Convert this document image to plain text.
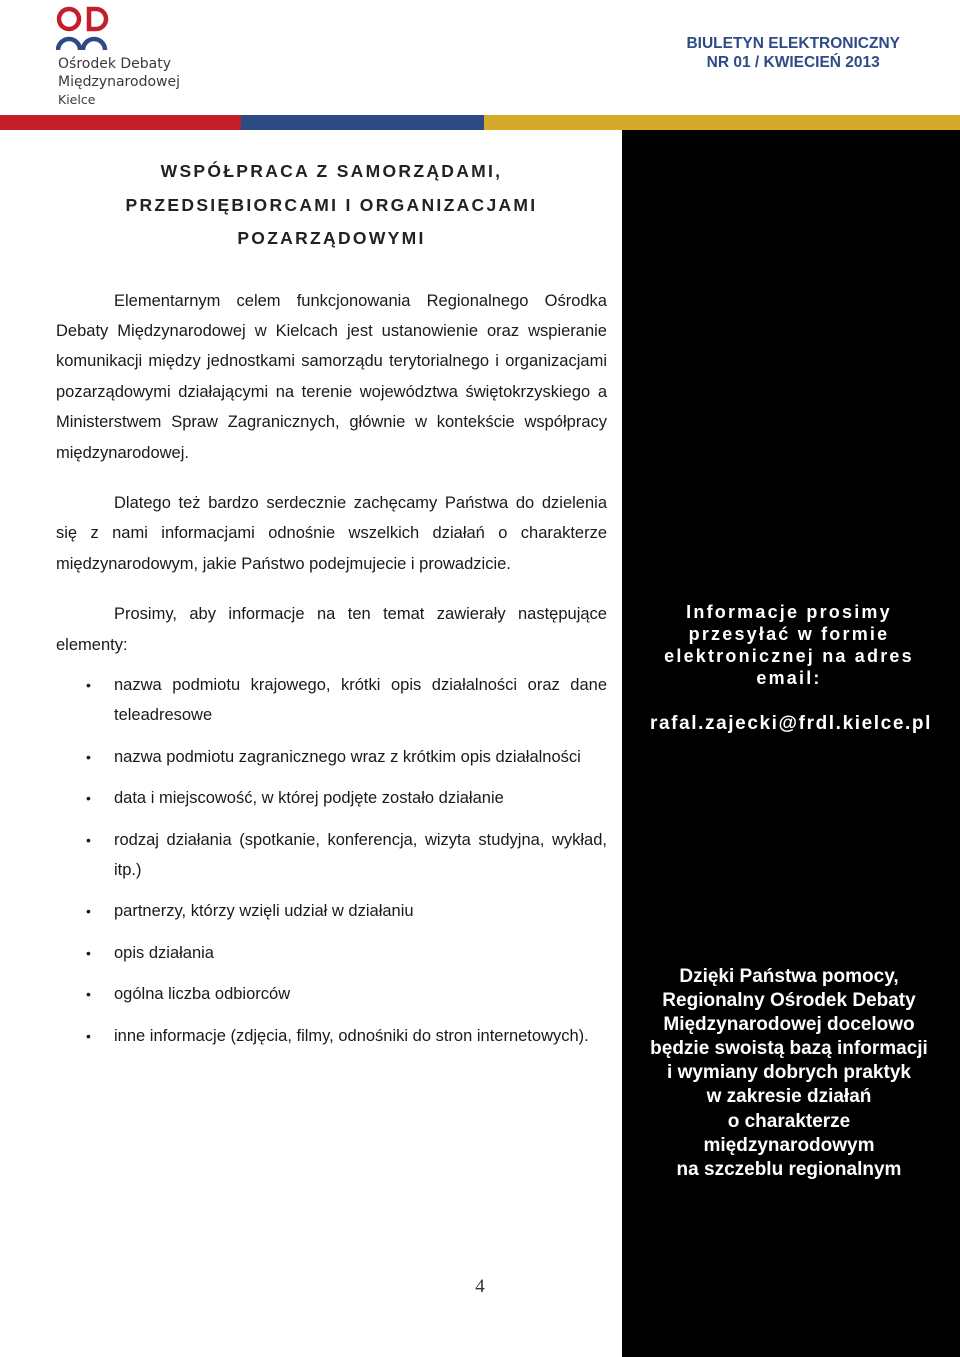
Ośrodek Debaty
Międzynarodowej
Kielce
BIULETYN ELEKTRONICZNY
NR 01 / KWIECIEŃ 2013
WSPÓŁPRACA Z SAMORZĄDAMI,
PRZEDSIĘBIORCAMI I ORGANIZACJAMI
POZARZĄDOWYMI

Elementarnym celem funkcjonowania Regionalnego Ośrodka Debaty Międzynarodowej w Kielcach jest ustanowienie oraz wspieranie komunikacji między jednostkami samorządu terytorialnego i organizacjami pozarządowymi działającymi na terenie województwa świętokrzyskiego a Ministerstwem Spraw Zagranicznych, głównie w kontekście współpracy międzynarodowej.

Dlatego też bardzo serdecznie zachęcamy Państwa do dzielenia się z nami informacjami odnośnie wszelkich działań o charakterze międzynarodowym, jakie Państwo podejmujecie i prowadzicie.

Prosimy, aby informacje na ten temat zawierały następujące elementy:

• nazwa podmiotu krajowego, krótki opis działalności oraz dane teleadresowe
• nazwa podmiotu zagranicznego wraz z krótkim opis działalności
• data i miejscowość, w której podjęte zostało działanie
• rodzaj działania (spotkanie, konferencja, wizyta studyjna, wykład, itp.)
• partnerzy, którzy wzięli udział w działaniu
• opis działania
• ogólna liczba odbiorców
• inne informacje (zdjęcia, filmy, odnośniki do stron internetowych).
Informacje prosimy
przesyłać w formie
elektronicznej na adres
email:
rafal.zajecki@frdl.kielce.pl
Dzięki Państwa pomocy,
Regionalny Ośrodek Debaty
Międzynarodowej docelowo
będzie swoistą bazą informacji
i wymiany dobrych praktyk
w zakresie działań
o charakterze
międzynarodowym
na szczeblu regionalnym
4
